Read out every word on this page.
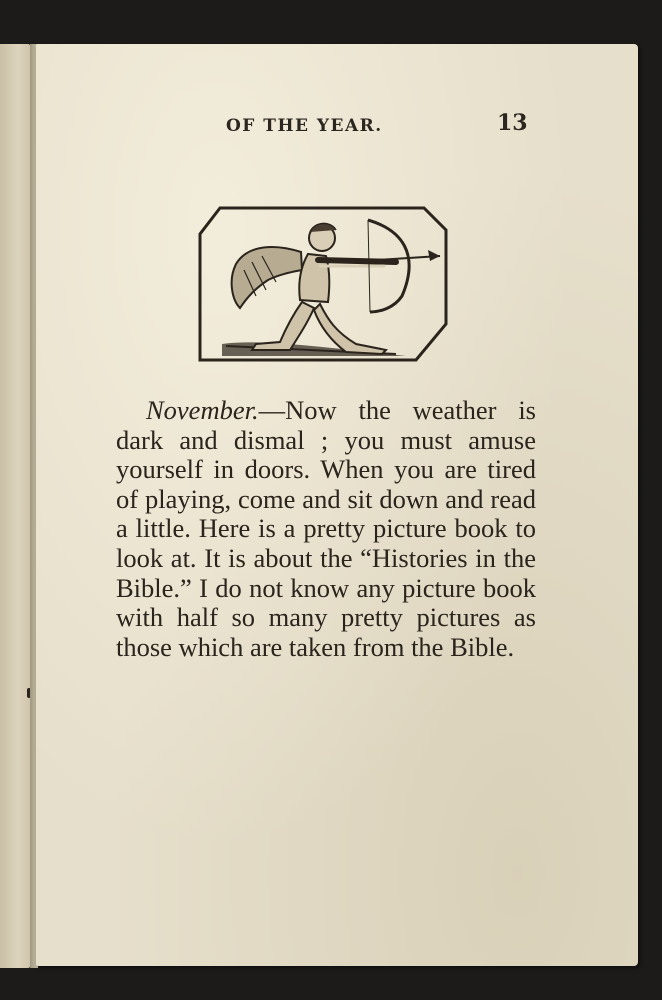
OF THE YEAR.	13

November.—Now the weather is dark and dismal ; you must amuse yourself in doors. When you are tired of playing, come and sit down and read a little. Here is a pretty picture book to look at. It is about the “Histories in the Bible.” I do not know any picture book with half so many pretty pictures as those which are taken from the Bible.
